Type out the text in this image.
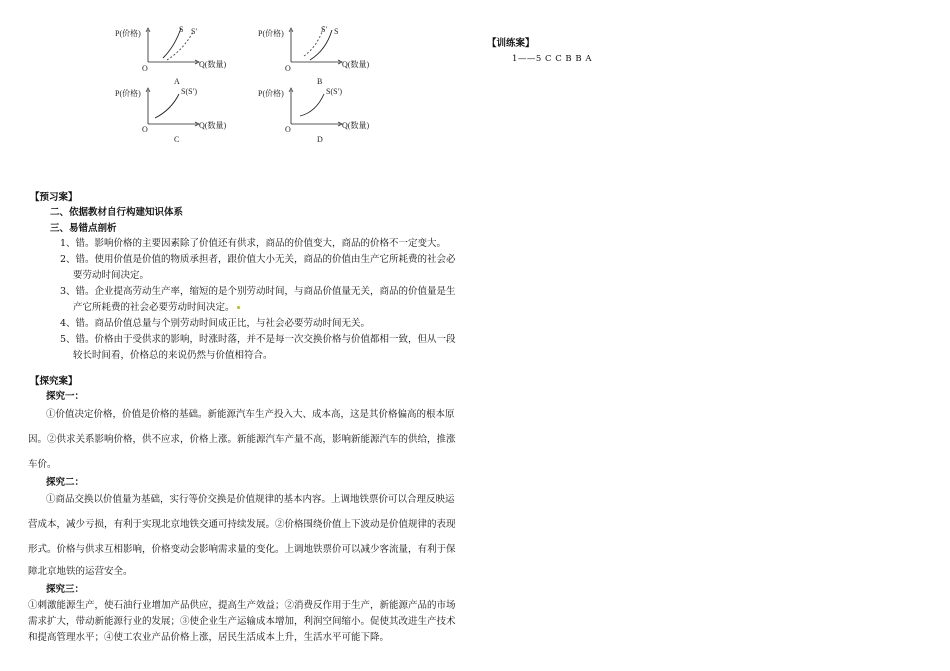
P(价格)	S S′
O	Q(数量)
A
P(价格)	S′ S
O	Q(数量)
B
P(价格)	S(S′)
O	Q(数量)
C
P(价格)	S(S′)
O	Q(数量)
D
【训练案】
1——5 C C B B A
【预习案】
二、依据教材自行构建知识体系
三、易错点剖析
1、错。影响价格的主要因素除了价值还有供求，商品的价值变大，商品的价格不一定变大。
2、错。使用价值是价值的物质承担者，跟价值大小无关，商品的价值由生产它所耗费的社会必
要劳动时间决定。
3、错。企业提高劳动生产率，缩短的是个别劳动时间，与商品价值量无关，商品的价值量是生
产它所耗费的社会必要劳动时间决定。
4、错。商品价值总量与个别劳动时间成正比，与社会必要劳动时间无关。
5、错。价格由于受供求的影响，时涨时落，并不是每一次交换价格与价值都相一致，但从一段
较长时间看，价格总的来说仍然与价值相符合。
【探究案】
探究一：
①价值决定价格，价值是价格的基础。新能源汽车生产投入大、成本高，这是其价格偏高的根本原
因。②供求关系影响价格，供不应求，价格上涨。新能源汽车产量不高，影响新能源汽车的供给，推涨
车价。
探究二：
①商品交换以价值量为基础，实行等价交换是价值规律的基本内容。上调地铁票价可以合理反映运
营成本，减少亏损，有利于实现北京地铁交通可持续发展。②价格围绕价值上下波动是价值规律的表现
形式。价格与供求互相影响，价格变动会影响需求量的变化。上调地铁票价可以减少客流量，有利于保
障北京地铁的运营安全。
探究三：
①刺激能源生产，使石油行业增加产品供应，提高生产效益；②消费反作用于生产，新能源产品的市场
需求扩大，带动新能源行业的发展；③使企业生产运输成本增加，利润空间缩小。促使其改进生产技术
和提高管理水平；④使工农业产品价格上涨，居民生活成本上升，生活水平可能下降。
